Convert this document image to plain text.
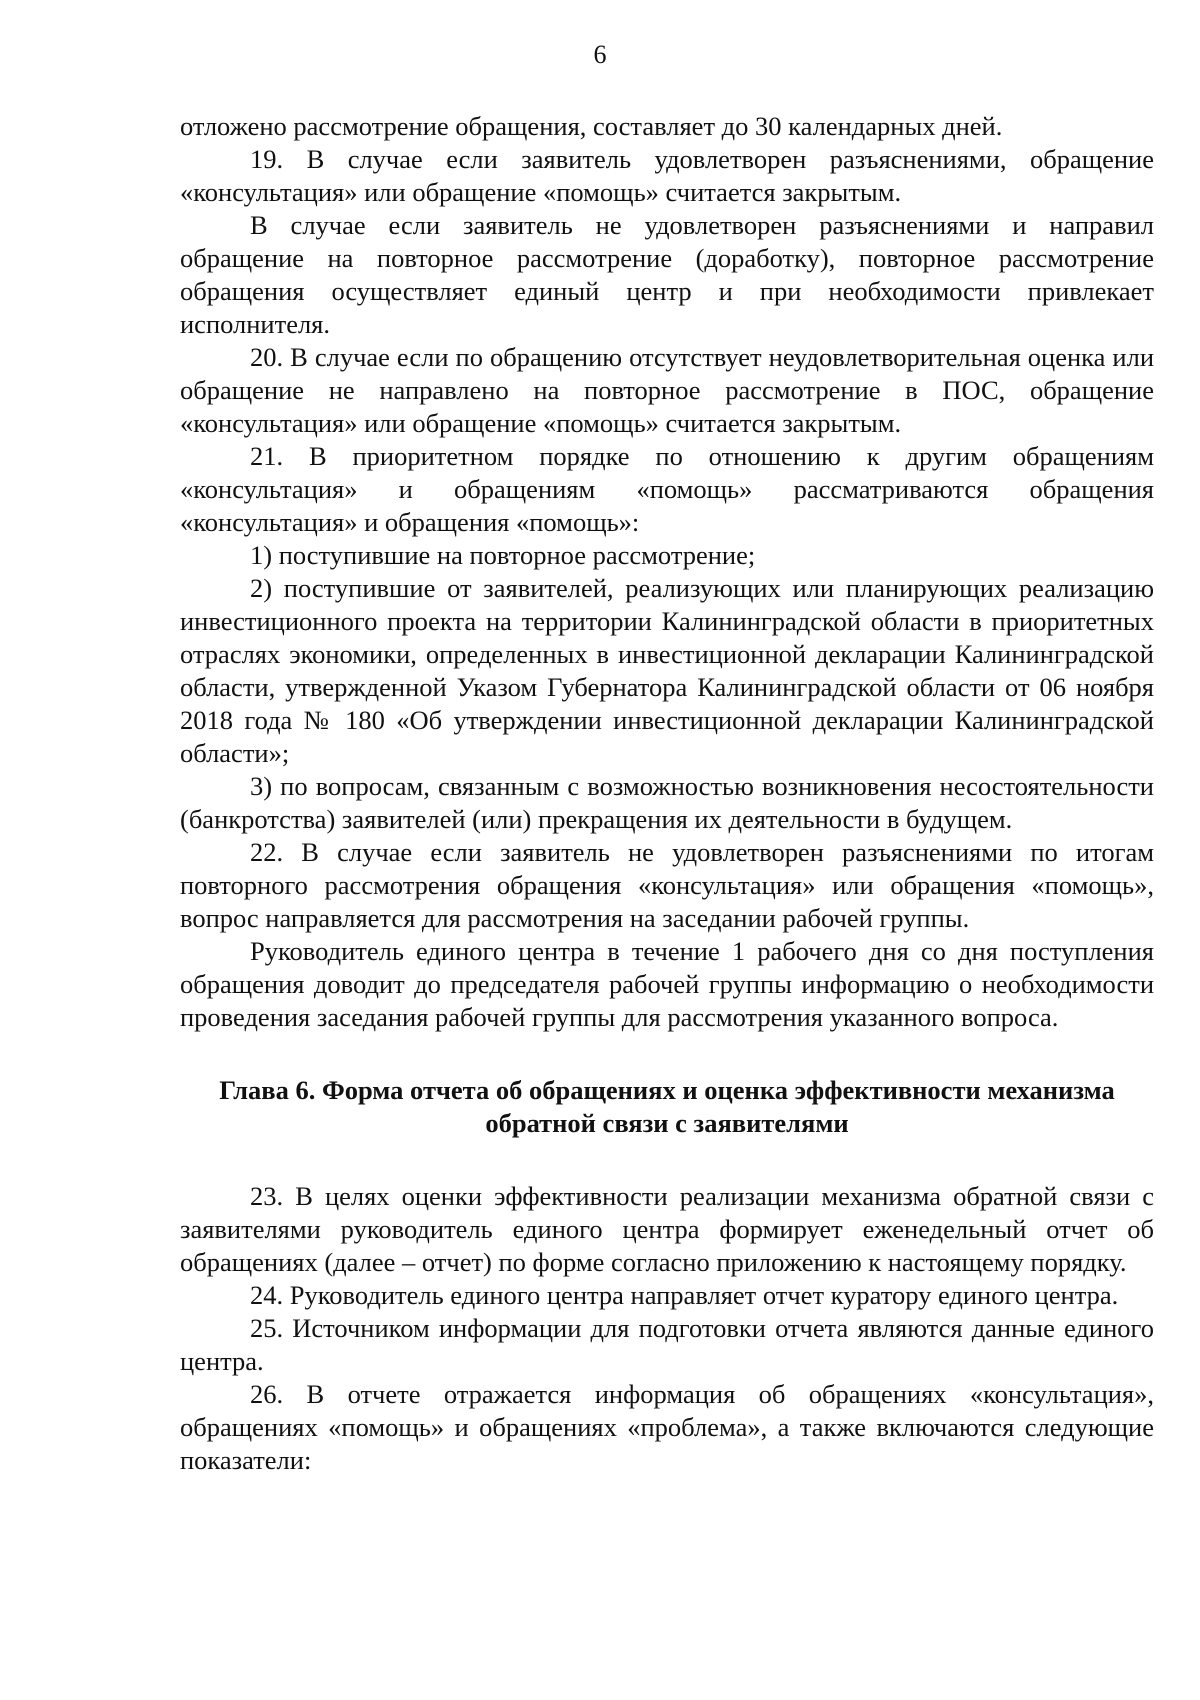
6

отложено рассмотрение обращения, составляет до 30 календарных дней.

19. В случае если заявитель удовлетворен разъяснениями, обращение «консультация» или обращение «помощь» считается закрытым.

В случае если заявитель не удовлетворен разъяснениями и направил обращение на повторное рассмотрение (доработку), повторное рассмотрение обращения осуществляет единый центр и при необходимости привлекает исполнителя.

20. В случае если по обращению отсутствует неудовлетворительная оценка или обращение не направлено на повторное рассмотрение в ПОС, обращение «консультация» или обращение «помощь» считается закрытым.

21. В приоритетном порядке по отношению к другим обращениям «консультация» и обращениям «помощь» рассматриваются обращения «консультация» и обращения «помощь»:

1) поступившие на повторное рассмотрение;

2) поступившие от заявителей, реализующих или планирующих реализацию инвестиционного проекта на территории Калининградской области в приоритетных отраслях экономики, определенных в инвестиционной декларации Калининградской области, утвержденной Указом Губернатора Калининградской области от 06 ноября 2018 года № 180 «Об утверждении инвестиционной декларации Калининградской области»;

3) по вопросам, связанным с возможностью возникновения несостоятельности (банкротства) заявителей (или) прекращения их деятельности в будущем.

22. В случае если заявитель не удовлетворен разъяснениями по итогам повторного рассмотрения обращения «консультация» или обращения «помощь», вопрос направляется для рассмотрения на заседании рабочей группы.

Руководитель единого центра в течение 1 рабочего дня со дня поступления обращения доводит до председателя рабочей группы информацию о необходимости проведения заседания рабочей группы для рассмотрения указанного вопроса.

Глава 6. Форма отчета об обращениях и оценка эффективности механизма
обратной связи с заявителями

23. В целях оценки эффективности реализации механизма обратной связи с заявителями руководитель единого центра формирует еженедельный отчет об обращениях (далее – отчет) по форме согласно приложению к настоящему порядку.

24. Руководитель единого центра направляет отчет куратору единого центра.

25. Источником информации для подготовки отчета являются данные единого центра.

26. В отчете отражается информация об обращениях «консультация», обращениях «помощь» и обращениях «проблема», а также включаются следующие показатели:
